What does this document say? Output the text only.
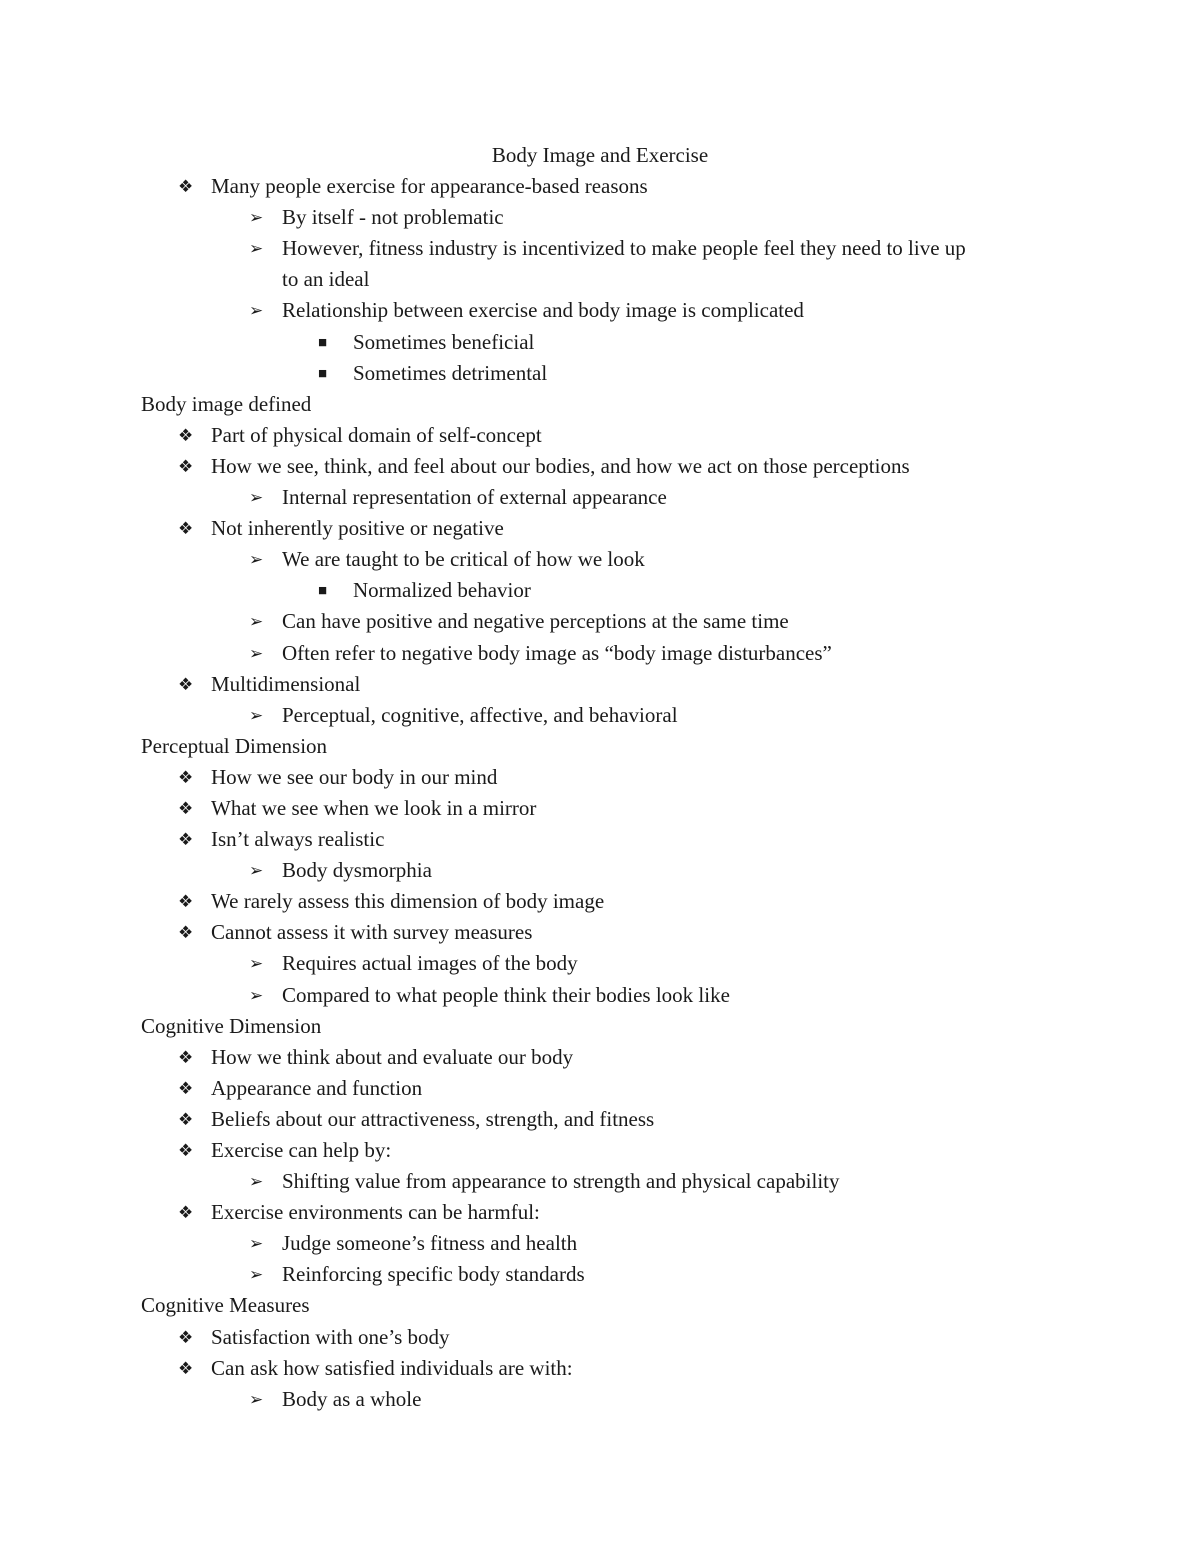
Body Image and Exercise
❖ Many people exercise for appearance-based reasons
➢ By itself - not problematic
➢ However, fitness industry is incentivized to make people feel they need to live up
to an ideal
➢ Relationship between exercise and body image is complicated
■ Sometimes beneficial
■ Sometimes detrimental
Body image defined
❖ Part of physical domain of self-concept
❖ How we see, think, and feel about our bodies, and how we act on those perceptions
➢ Internal representation of external appearance
❖ Not inherently positive or negative
➢ We are taught to be critical of how we look
■ Normalized behavior
➢ Can have positive and negative perceptions at the same time
➢ Often refer to negative body image as “body image disturbances”
❖ Multidimensional
➢ Perceptual, cognitive, affective, and behavioral
Perceptual Dimension
❖ How we see our body in our mind
❖ What we see when we look in a mirror
❖ Isn’t always realistic
➢ Body dysmorphia
❖ We rarely assess this dimension of body image
❖ Cannot assess it with survey measures
➢ Requires actual images of the body
➢ Compared to what people think their bodies look like
Cognitive Dimension
❖ How we think about and evaluate our body
❖ Appearance and function
❖ Beliefs about our attractiveness, strength, and fitness
❖ Exercise can help by:
➢ Shifting value from appearance to strength and physical capability
❖ Exercise environments can be harmful:
➢ Judge someone’s fitness and health
➢ Reinforcing specific body standards
Cognitive Measures
❖ Satisfaction with one’s body
❖ Can ask how satisfied individuals are with:
➢ Body as a whole
